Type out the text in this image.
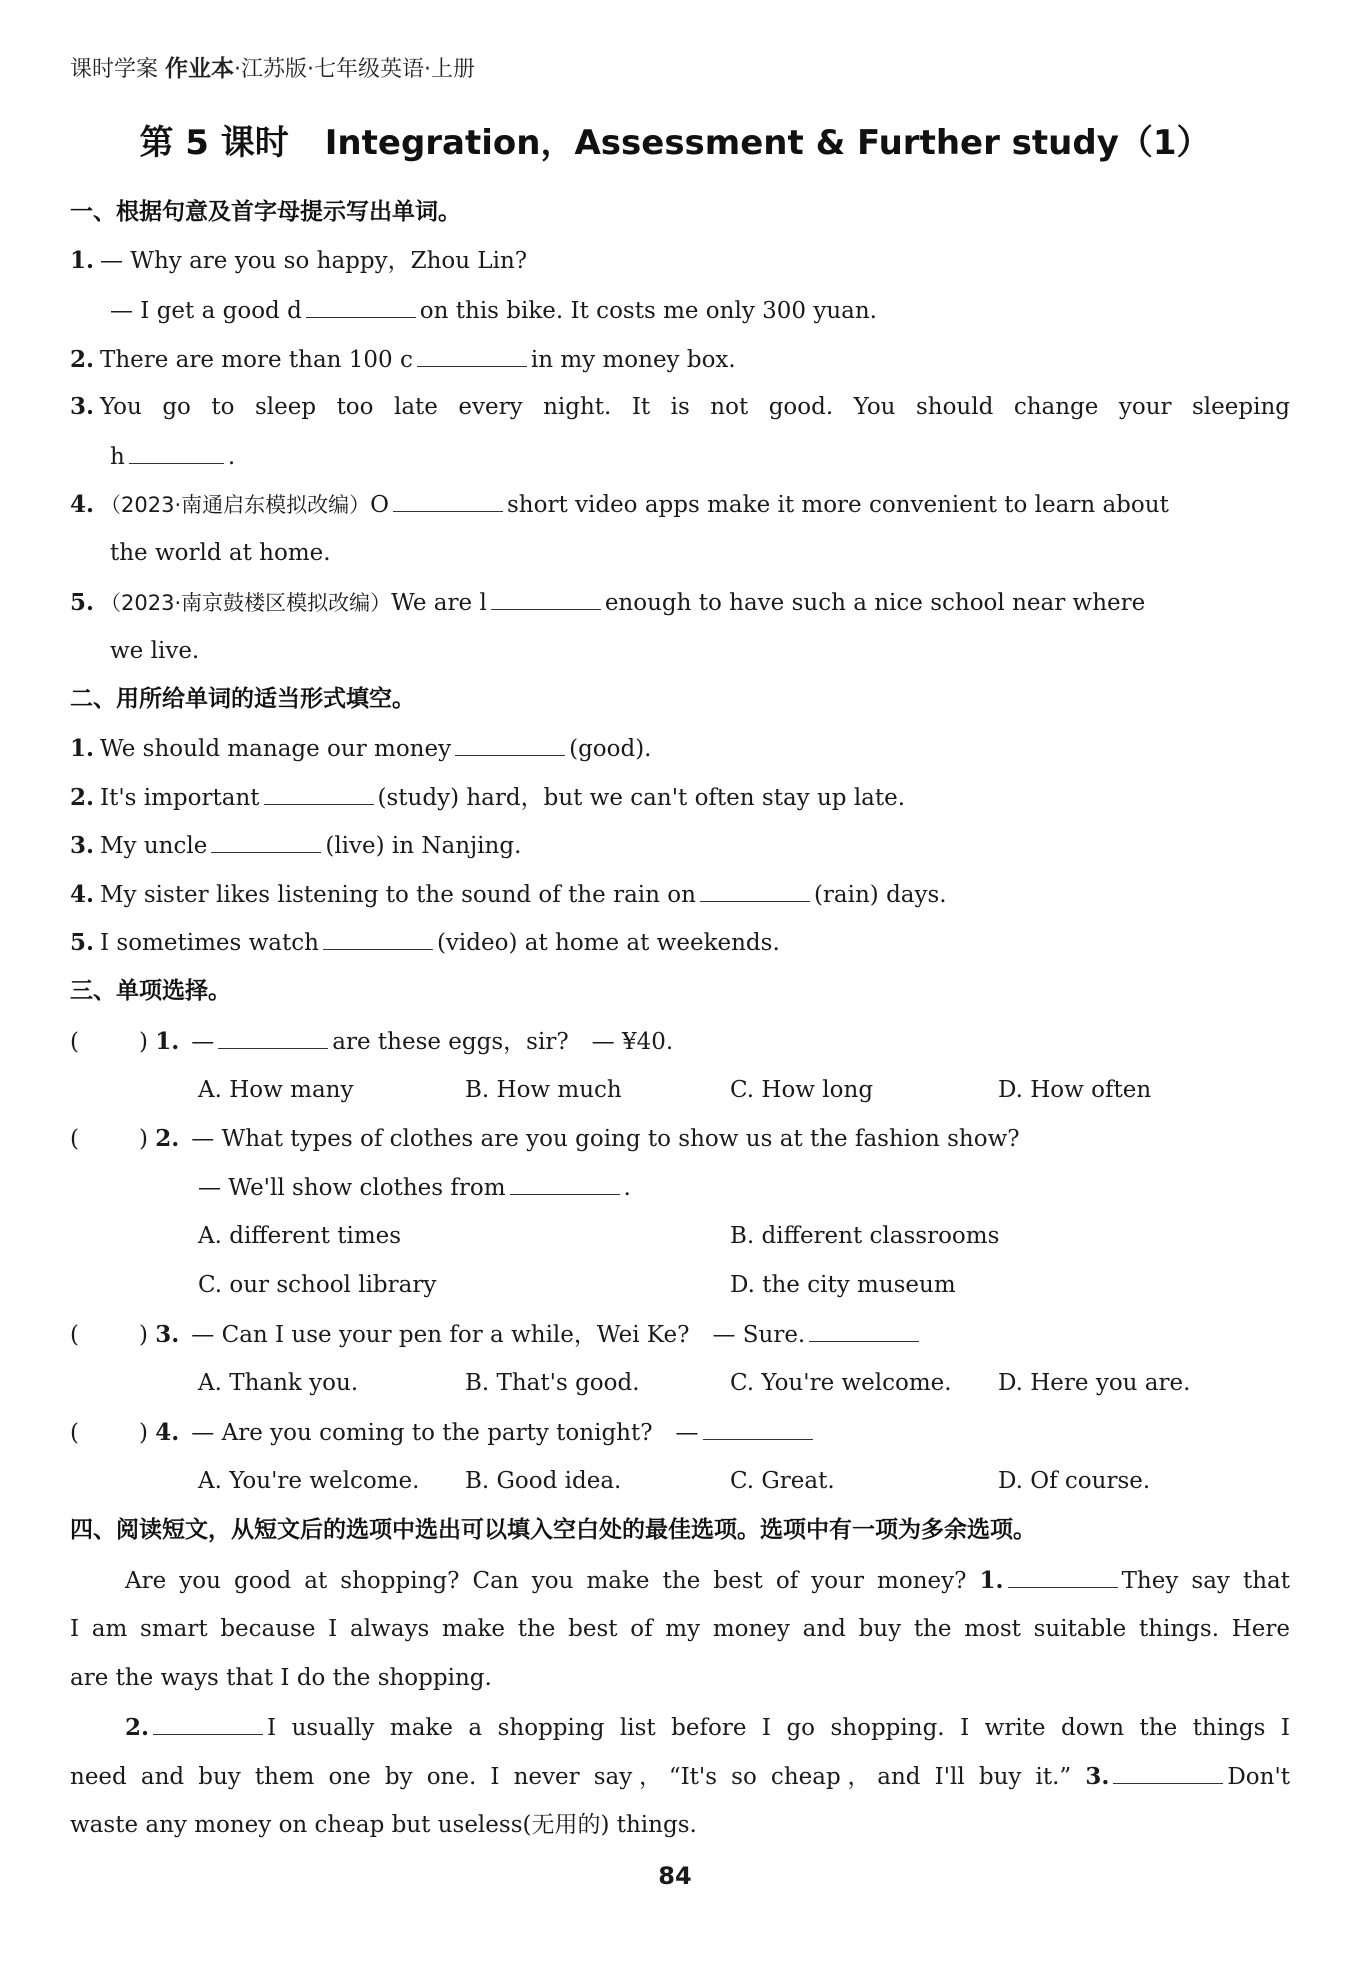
课时学案 作业本·江苏版·七年级英语·上册
第 5 课时 Integration，Assessment & Further study（1）
一、根据句意及首字母提示写出单词。
1. — Why are you so happy，Zhou Lin?
— I get a good d	on this bike. It costs me only 300 yuan.
2. There are more than 100 c	in my money box.
3. You go to sleep too late every night. It is not good. You should change your sleeping
h	.
4. （2023·南通启东模拟改编）O	short video apps make it more convenient to learn about
the world at home.
5. （2023·南京鼓楼区模拟改编）We are l	enough to have such a nice school near where
we live.
二、用所给单词的适当形式填空。
1. We should manage our money	(good).
2. It's important	(study) hard，but we can't often stay up late.
3. My uncle	(live) in Nanjing.
4. My sister likes listening to the sound of the rain on	(rain) days.
5. I sometimes watch	(video) at home at weekends.
三、单项选择。
(	) 1. —	are these eggs，sir?　— ¥40.
A. How many	B. How much	C. How long	D. How often
(	) 2. — What types of clothes are you going to show us at the fashion show?
— We'll show clothes from	.
A. different times	B. different classrooms
C. our school library	D. the city museum
(	) 3. — Can I use your pen for a while，Wei Ke?　— Sure.
A. Thank you.	B. That's good.	C. You're welcome. D. Here you are.
(	) 4. — Are you coming to the party tonight?　—
A. You're welcome. B. Good idea.	C. Great.	D. Of course.
四、阅读短文，从短文后的选项中选出可以填入空白处的最佳选项。选项中有一项为多余选项。
Are you good at shopping? Can you make the best of your money? 1.	They say that
I am smart because I always make the best of my money and buy the most suitable things. Here
are the ways that I do the shopping.
2.	I usually make a shopping list before I go shopping. I write down the things I
need and buy them one by one. I never say，“It's so cheap，and I'll buy it.” 3.	Don't
waste any money on cheap but useless(无用的) things.
84
